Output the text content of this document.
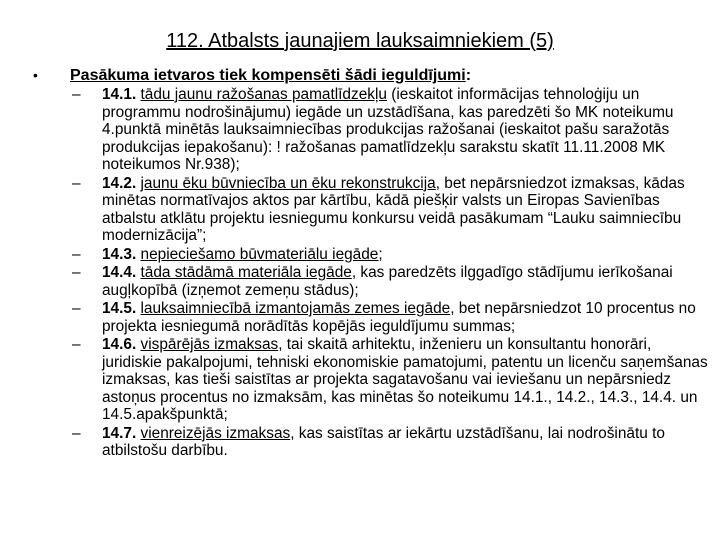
112. Atbalsts jaunajiem lauksaimniekiem (5)
• Pasākuma ietvaros tiek kompensēti šādi ieguldījumi:
– 14.1. tādu jaunu ražošanas pamatlīdzekļu (ieskaitot informācijas tehnoloģiju un programmu nodrošinājumu) iegāde un uzstādīšana, kas paredzēti šo MK noteikumu 4.punktā minētās lauksaimniecības produkcijas ražošanai (ieskaitot pašu saražotās produkcijas iepakošanu): ! ražošanas pamatlīdzekļu sarakstu skatīt 11.11.2008 MK noteikumos Nr.938);
– 14.2. jaunu ēku būvniecība un ēku rekonstrukcija, bet nepārsniedzot izmaksas, kādas minētas normatīvajos aktos par kārtību, kādā piešķir valsts un Eiropas Savienības atbalstu atklātu projektu iesniegumu konkursu veidā pasākumam “Lauku saimniecību modernizācija”;
– 14.3. nepieciešamo būvmateriālu iegāde;
– 14.4. tāda stādāmā materiāla iegāde, kas paredzēts ilggadīgo stādījumu ierīkošanai augļkopībā (izņemot zemeņu stādus);
– 14.5. lauksaimniecībā izmantojamās zemes iegāde, bet nepārsniedzot 10 procentus no projekta iesniegumā norādītās kopējās ieguldījumu summas;
– 14.6. vispārējās izmaksas, tai skaitā arhitektu, inženieru un konsultantu honorāri, juridiskie pakalpojumi, tehniski ekonomiskie pamatojumi, patentu un licenču saņemšanas izmaksas, kas tieši saistītas ar projekta sagatavošanu vai ieviešanu un nepārsniedz astoņus procentus no izmaksām, kas minētas šo noteikumu 14.1., 14.2., 14.3., 14.4. un 14.5.apakšpunktā;
– 14.7. vienreizējās izmaksas, kas saistītas ar iekārtu uzstādīšanu, lai nodrošinātu to atbilstošu darbību.
